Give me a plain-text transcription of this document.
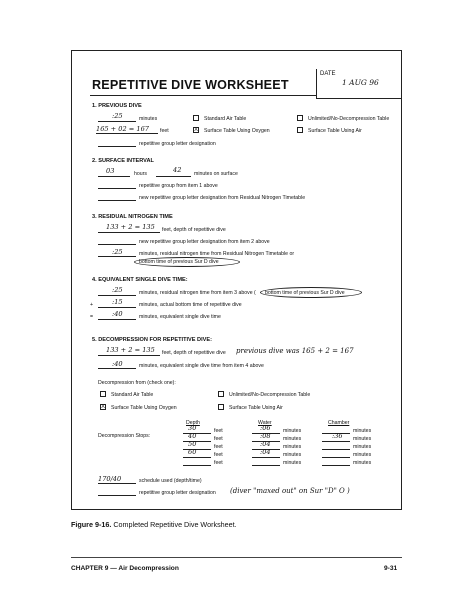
REPETITIVE DIVE WORKSHEET
DATE
1 AUG 96
1. PREVIOUS DIVE
:25	minutes
165 + 02 = 167 feet
repetitive group letter designation
Standard Air Table	Unlimited/No-Decompression Table
X Surface Table Using Oxygen	Surface Table Using Air
2. SURFACE INTERVAL
03	hours	42 minutes on surface
repetitive group from item 1 above
new repetitive group letter designation from Residual Nitrogen Timetable
3. RESIDUAL NITROGEN TIME
133 + 2 = 135 feet, depth of repetitive dive
new repetitive group letter designation from item 2 above
:25	minutes, residual nitrogen time from Residual Nitrogen Timetable or
bottom time of previous Sur D dive
4. EQUIVALENT SINGLE DIVE TIME:
:25	minutes, residual nitrogen time from item 3 above ( bottom time of previous Sur D dive
+	:15	minutes, actual bottom time of repetitive dive
=	:40	minutes, equivalent single dive time
5. DECOMPRESSION FOR REPETITIVE DIVE:
133 + 2 = 135 feet, depth of repetitive dive previous dive was 165 + 2 = 167
:40	minutes, equivalent single dive time from item 4 above
Decompression from (check one):
Standard Air Table	Unlimited/No-Decompression Table
X Surface Table Using Oxygen	Surface Table Using Air
Depth	Water	Chamber
Decompression Stops:
170/40	schedule used (depth/time)
repetitive group letter designation (diver "maxed out" on Sur "D" O )
30	feet	:06 minutes	minutes
40	feet	:08 minutes	:36 minutes
50	feet	:04 minutes	minutes
60	feet	:04 minutes	minutes
feet	minutes	minutes
Figure 9-16. Completed Repetitive Dive Worksheet.
CHAPTER 9 — Air Decompression	9-31
